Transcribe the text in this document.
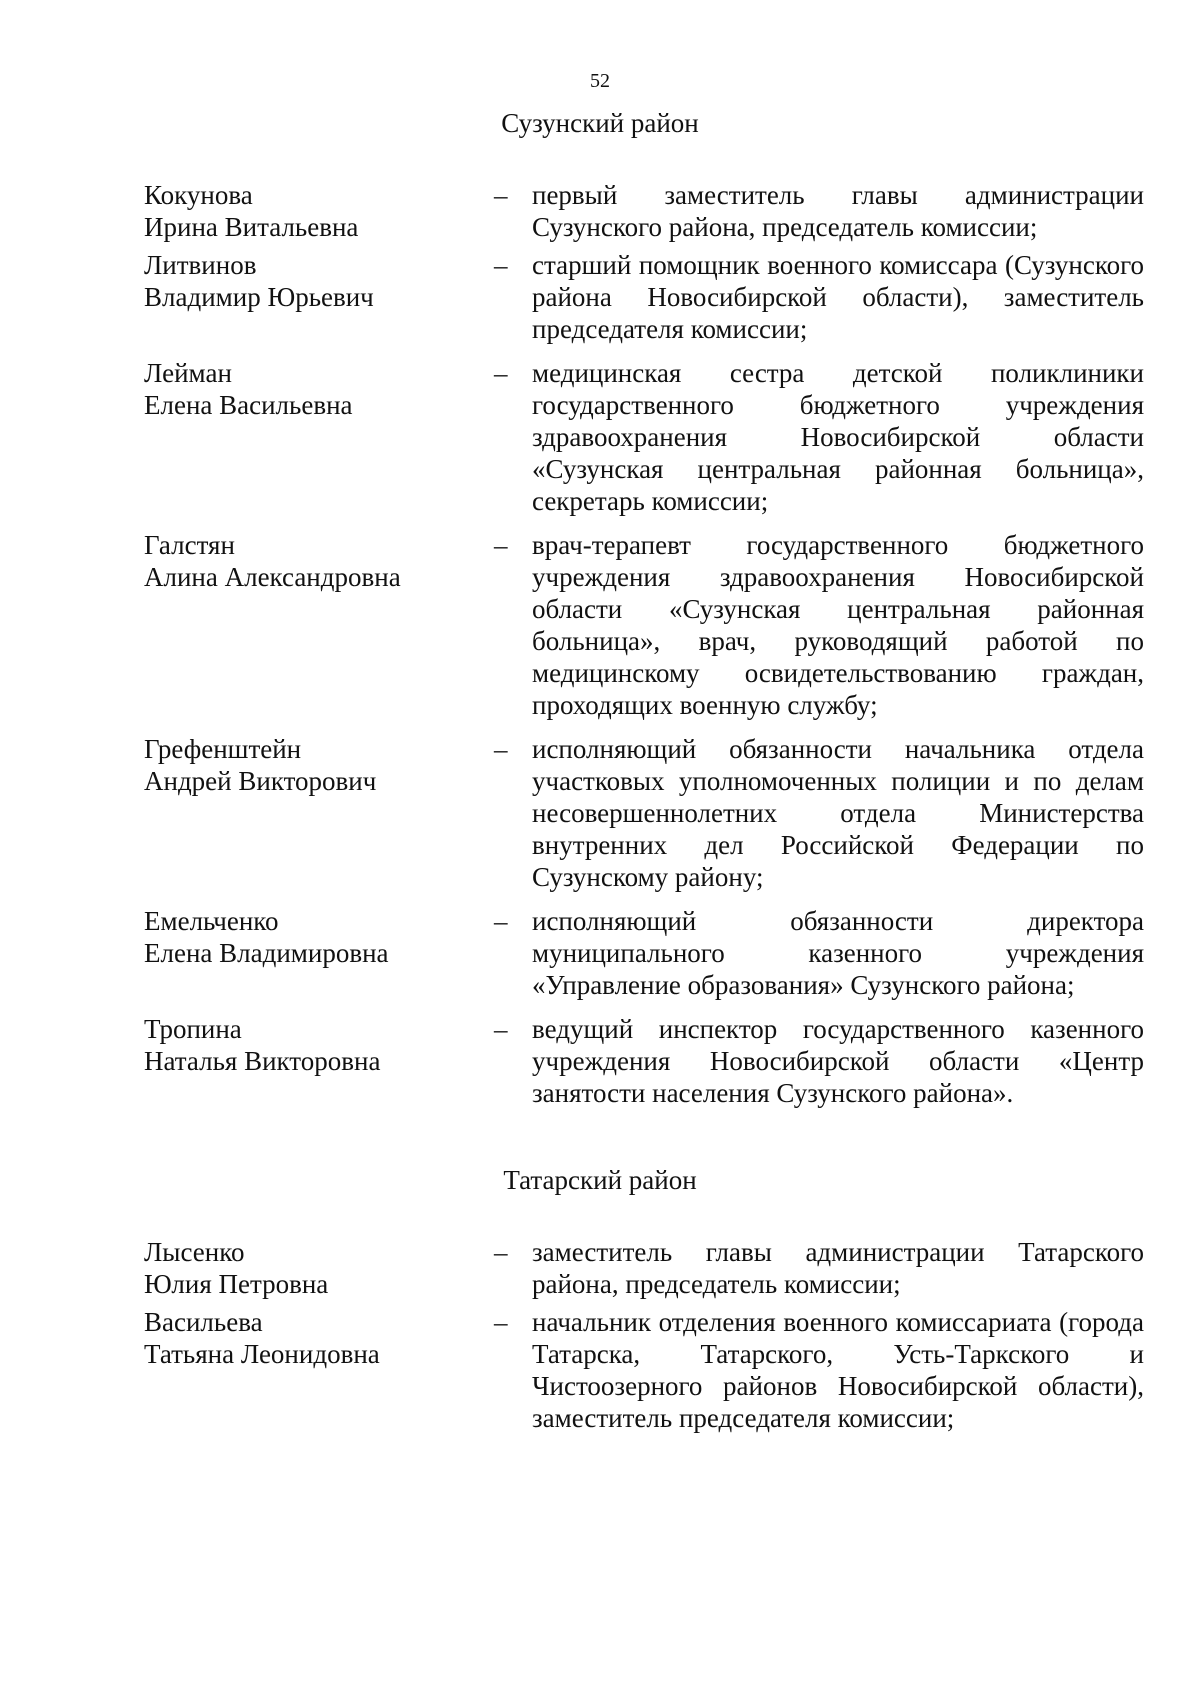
52
Сузунский район
Кокунова
Ирина Витальевна
– первый заместитель главы администрации Сузунского района, председатель комиссии;
Литвинов
Владимир Юрьевич
– старший помощник военного комиссара (Сузунского района Новосибирской области), заместитель председателя комиссии;
Лейман
Елена Васильевна
– медицинская сестра детской поликлиники государственного бюджетного учреждения здравоохранения Новосибирской области «Сузунская центральная районная больница», секретарь комиссии;
Галстян
Алина Александровна
– врач-терапевт государственного бюджетного учреждения здравоохранения Новосибирской области «Сузунская центральная районная больница», врач, руководящий работой по медицинскому освидетельствованию граждан, проходящих военную службу;
Грефенштейн
Андрей Викторович
– исполняющий обязанности начальника отдела участковых уполномоченных полиции и по делам несовершеннолетних отдела Министерства внутренних дел Российской Федерации по Сузунскому району;
Емельченко
Елена Владимировна
– исполняющий обязанности директора муниципального казенного учреждения «Управление образования» Сузунского района;
Тропина
Наталья Викторовна
– ведущий инспектор государственного казенного учреждения Новосибирской области «Центр занятости населения Сузунского района».
Татарский район
Лысенко
Юлия Петровна
– заместитель главы администрации Татарского района, председатель комиссии;
Васильева
Татьяна Леонидовна
– начальник отделения военного комиссариата (города Татарска, Татарского, Усть-Таркского и Чистоозерного районов Новосибирской области), заместитель председателя комиссии;
